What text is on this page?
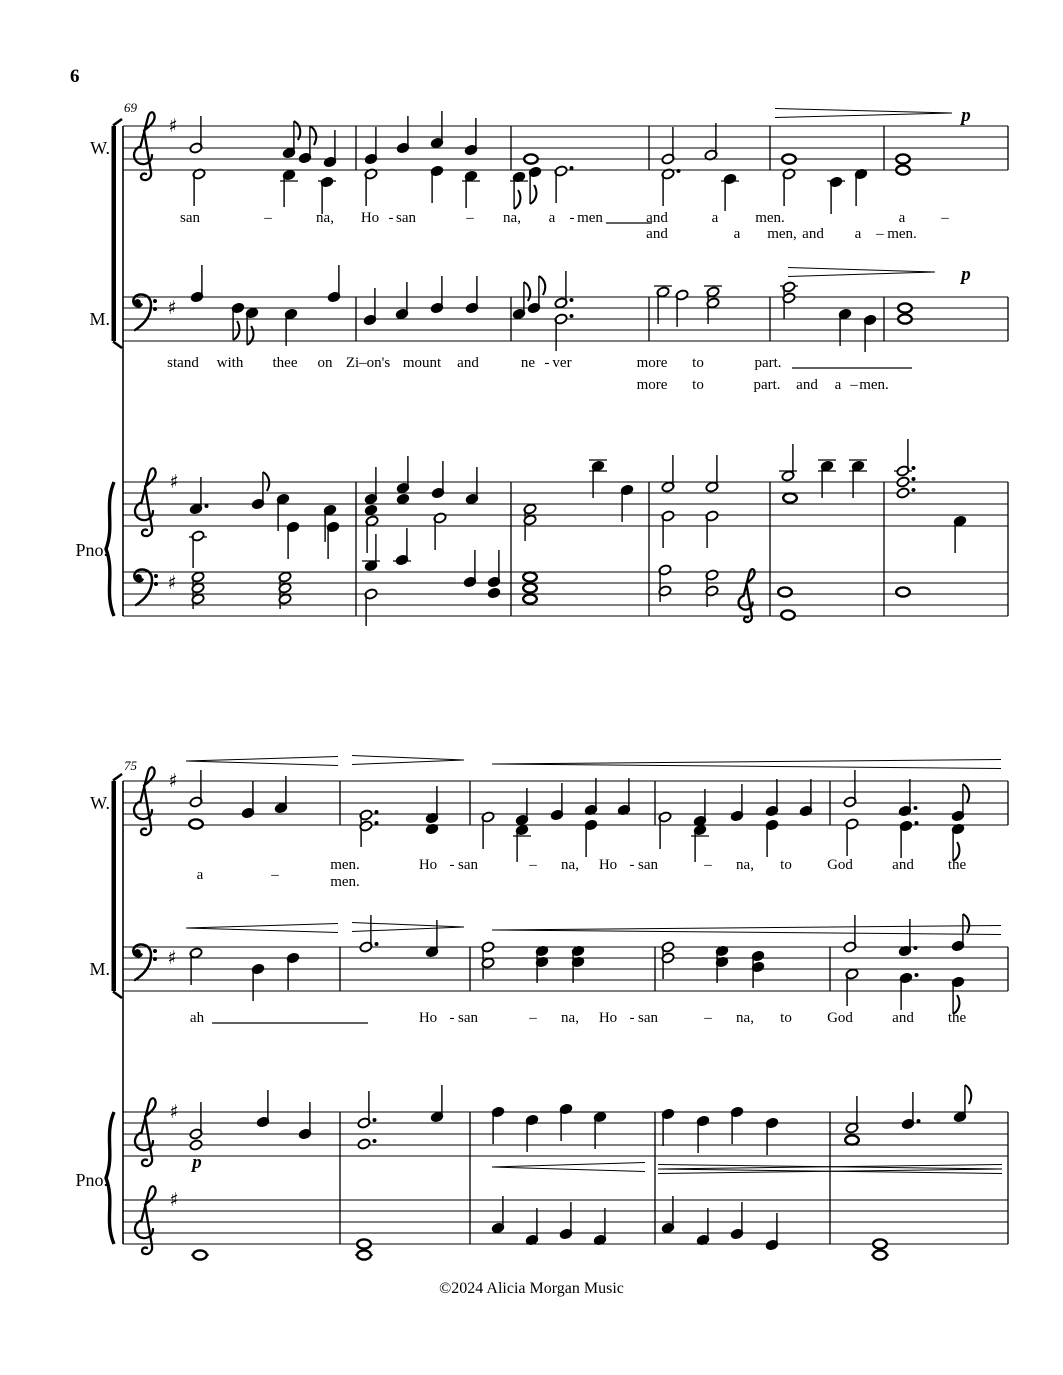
6
69
♯
W.
p
♯
M.
p
♯
Pno.
♯
san	–	na, Ho - san	– na, a - men	and	a men.	a –
and	a men, and a – men.
stand with thee on Zi–on's mount and	ne - ver	more to	part.
more to	part. and a – men.
75
♯
W.
♯
M.
♯
Pno.
p
♯
men.	Ho - san	– na, Ho - san	– na, to God	and the
a	–	men.
ah	Ho - san	– na, Ho - san	– na, to God	and the
©2024 Alicia Morgan Music
